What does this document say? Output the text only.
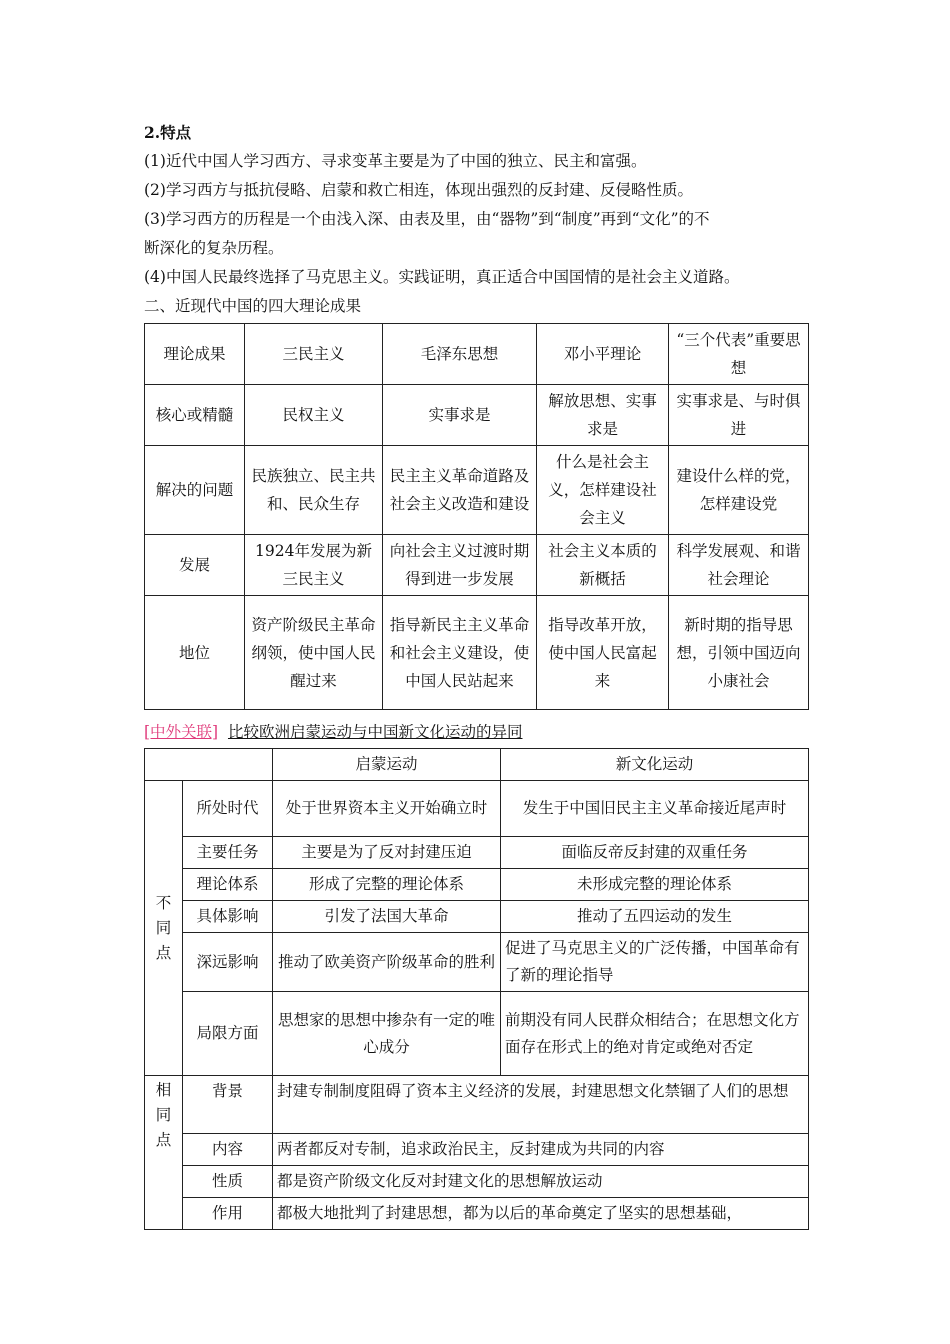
2.特点
(1)近代中国人学习西方、寻求变革主要是为了中国的独立、民主和富强。
(2)学习西方与抵抗侵略、启蒙和救亡相连，体现出强烈的反封建、反侵略性质。
(3)学习西方的历程是一个由浅入深、由表及里，由“器物”到“制度”再到“文化”的不
断深化的复杂历程。
(4)中国人民最终选择了马克思主义。实践证明，真正适合中国国情的是社会主义道路。
二、近现代中国的四大理论成果
理论成果	三民主义	毛泽东思想	邓小平理论	“三个代表”重要思想
核心或精髓	民权主义	实事求是	解放思想、实事求是	实事求是、与时俱进
解决的问题	民族独立、民主共和、民众生存	民主主义革命道路及社会主义改造和建设	什么是社会主义，怎样建设社会主义	建设什么样的党，怎样建设党
发展	1924年发展为新三民主义	向社会主义过渡时期得到进一步发展	社会主义本质的新概括	科学发展观、和谐社会理论
地位	资产阶级民主革命纲领，使中国人民醒过来	指导新民主主义革命和社会主义建设，使中国人民站起来	指导改革开放，使中国人民富起来	新时期的指导思想，引领中国迈向小康社会
[中外关联] 比较欧洲启蒙运动与中国新文化运动的异同
		启蒙运动	新文化运动

不同点	所处时代	处于世界资本主义开始确立时	发生于中国旧民主主义革命接近尾声时
	主要任务	主要是为了反对封建压迫	面临反帝反封建的双重任务
	理论体系	形成了完整的理论体系	未形成完整的理论体系
	具体影响	引发了法国大革命	推动了五四运动的发生
	深远影响	推动了欧美资产阶级革命的胜利	促进了马克思主义的广泛传播，中国革命有了新的理论指导
	局限方面	思想家的思想中掺杂有一定的唯心成分	前期没有同人民群众相结合；在思想文化方面存在形式上的绝对肯定或绝对否定

相同点	背景	封建专制制度阻碍了资本主义经济的发展，封建思想文化禁锢了人们的思想	
	内容	两者都反对专制，追求政治民主，反封建成为共同的内容	
	性质	都是资产阶级文化反对封建文化的思想解放运动	
	作用	都极大地批判了封建思想，都为以后的革命奠定了坚实的思想基础，	
